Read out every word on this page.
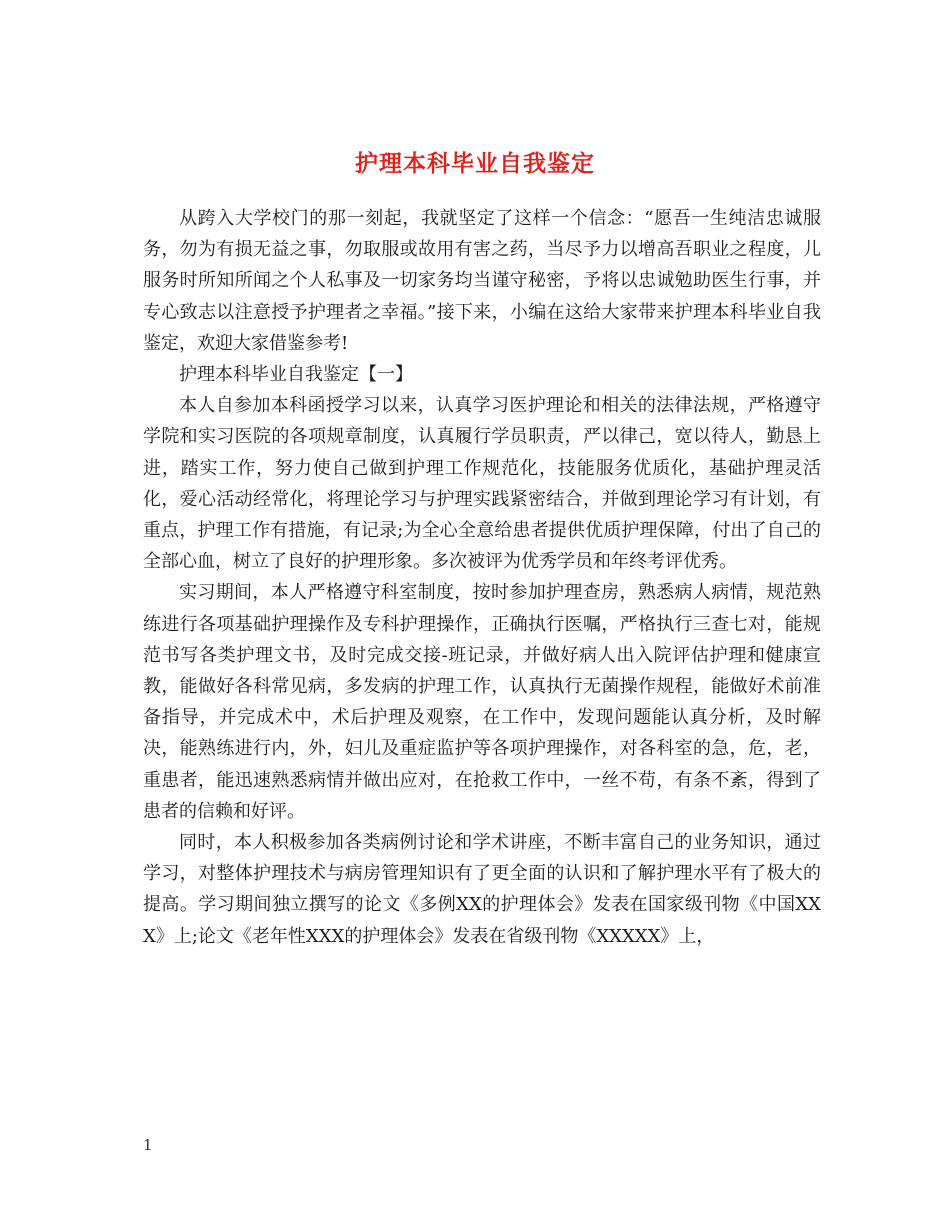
护理本科毕业自我鉴定

从跨入大学校门的那一刻起，我就坚定了这样一个信念：“愿吾一生纯洁忠诚服务，勿为有损无益之事，勿取服或故用有害之药，当尽予力以增高吾职业之程度，儿服务时所知所闻之个人私事及一切家务均当谨守秘密，予将以忠诚勉助医生行事，并专心致志以注意授予护理者之幸福。”接下来，小编在这给大家带来护理本科毕业自我鉴定，欢迎大家借鉴参考!

护理本科毕业自我鉴定【一】

本人自参加本科函授学习以来，认真学习医护理论和相关的法律法规，严格遵守学院和实习医院的各项规章制度，认真履行学员职责，严以律己，宽以待人，勤恳上进，踏实工作，努力使自己做到护理工作规范化，技能服务优质化，基础护理灵活化，爱心活动经常化，将理论学习与护理实践紧密结合，并做到理论学习有计划，有重点，护理工作有措施，有记录;为全心全意给患者提供优质护理保障，付出了自己的全部心血，树立了良好的护理形象。多次被评为优秀学员和年终考评优秀。

实习期间，本人严格遵守科室制度，按时参加护理查房，熟悉病人病情，规范熟练进行各项基础护理操作及专科护理操作，正确执行医嘱，严格执行三查七对，能规范书写各类护理文书，及时完成交接-班记录，并做好病人出入院评估护理和健康宣教，能做好各科常见病，多发病的护理工作，认真执行无菌操作规程，能做好术前准备指导，并完成术中，术后护理及观察，在工作中，发现问题能认真分析，及时解决，能熟练进行内，外，妇儿及重症监护等各项护理操作，对各科室的急，危，老，重患者，能迅速熟悉病情并做出应对，在抢救工作中，一丝不苟，有条不紊，得到了患者的信赖和好评。

同时，本人积极参加各类病例讨论和学术讲座，不断丰富自己的业务知识，通过学习，对整体护理技术与病房管理知识有了更全面的认识和了解护理水平有了极大的提高。学习期间独立撰写的论文《多例XX的护理体会》发表在国家级刊物《中国XXX》上;论文《老年性XXX的护理体会》发表在省级刊物《XXXXX》上，

1
